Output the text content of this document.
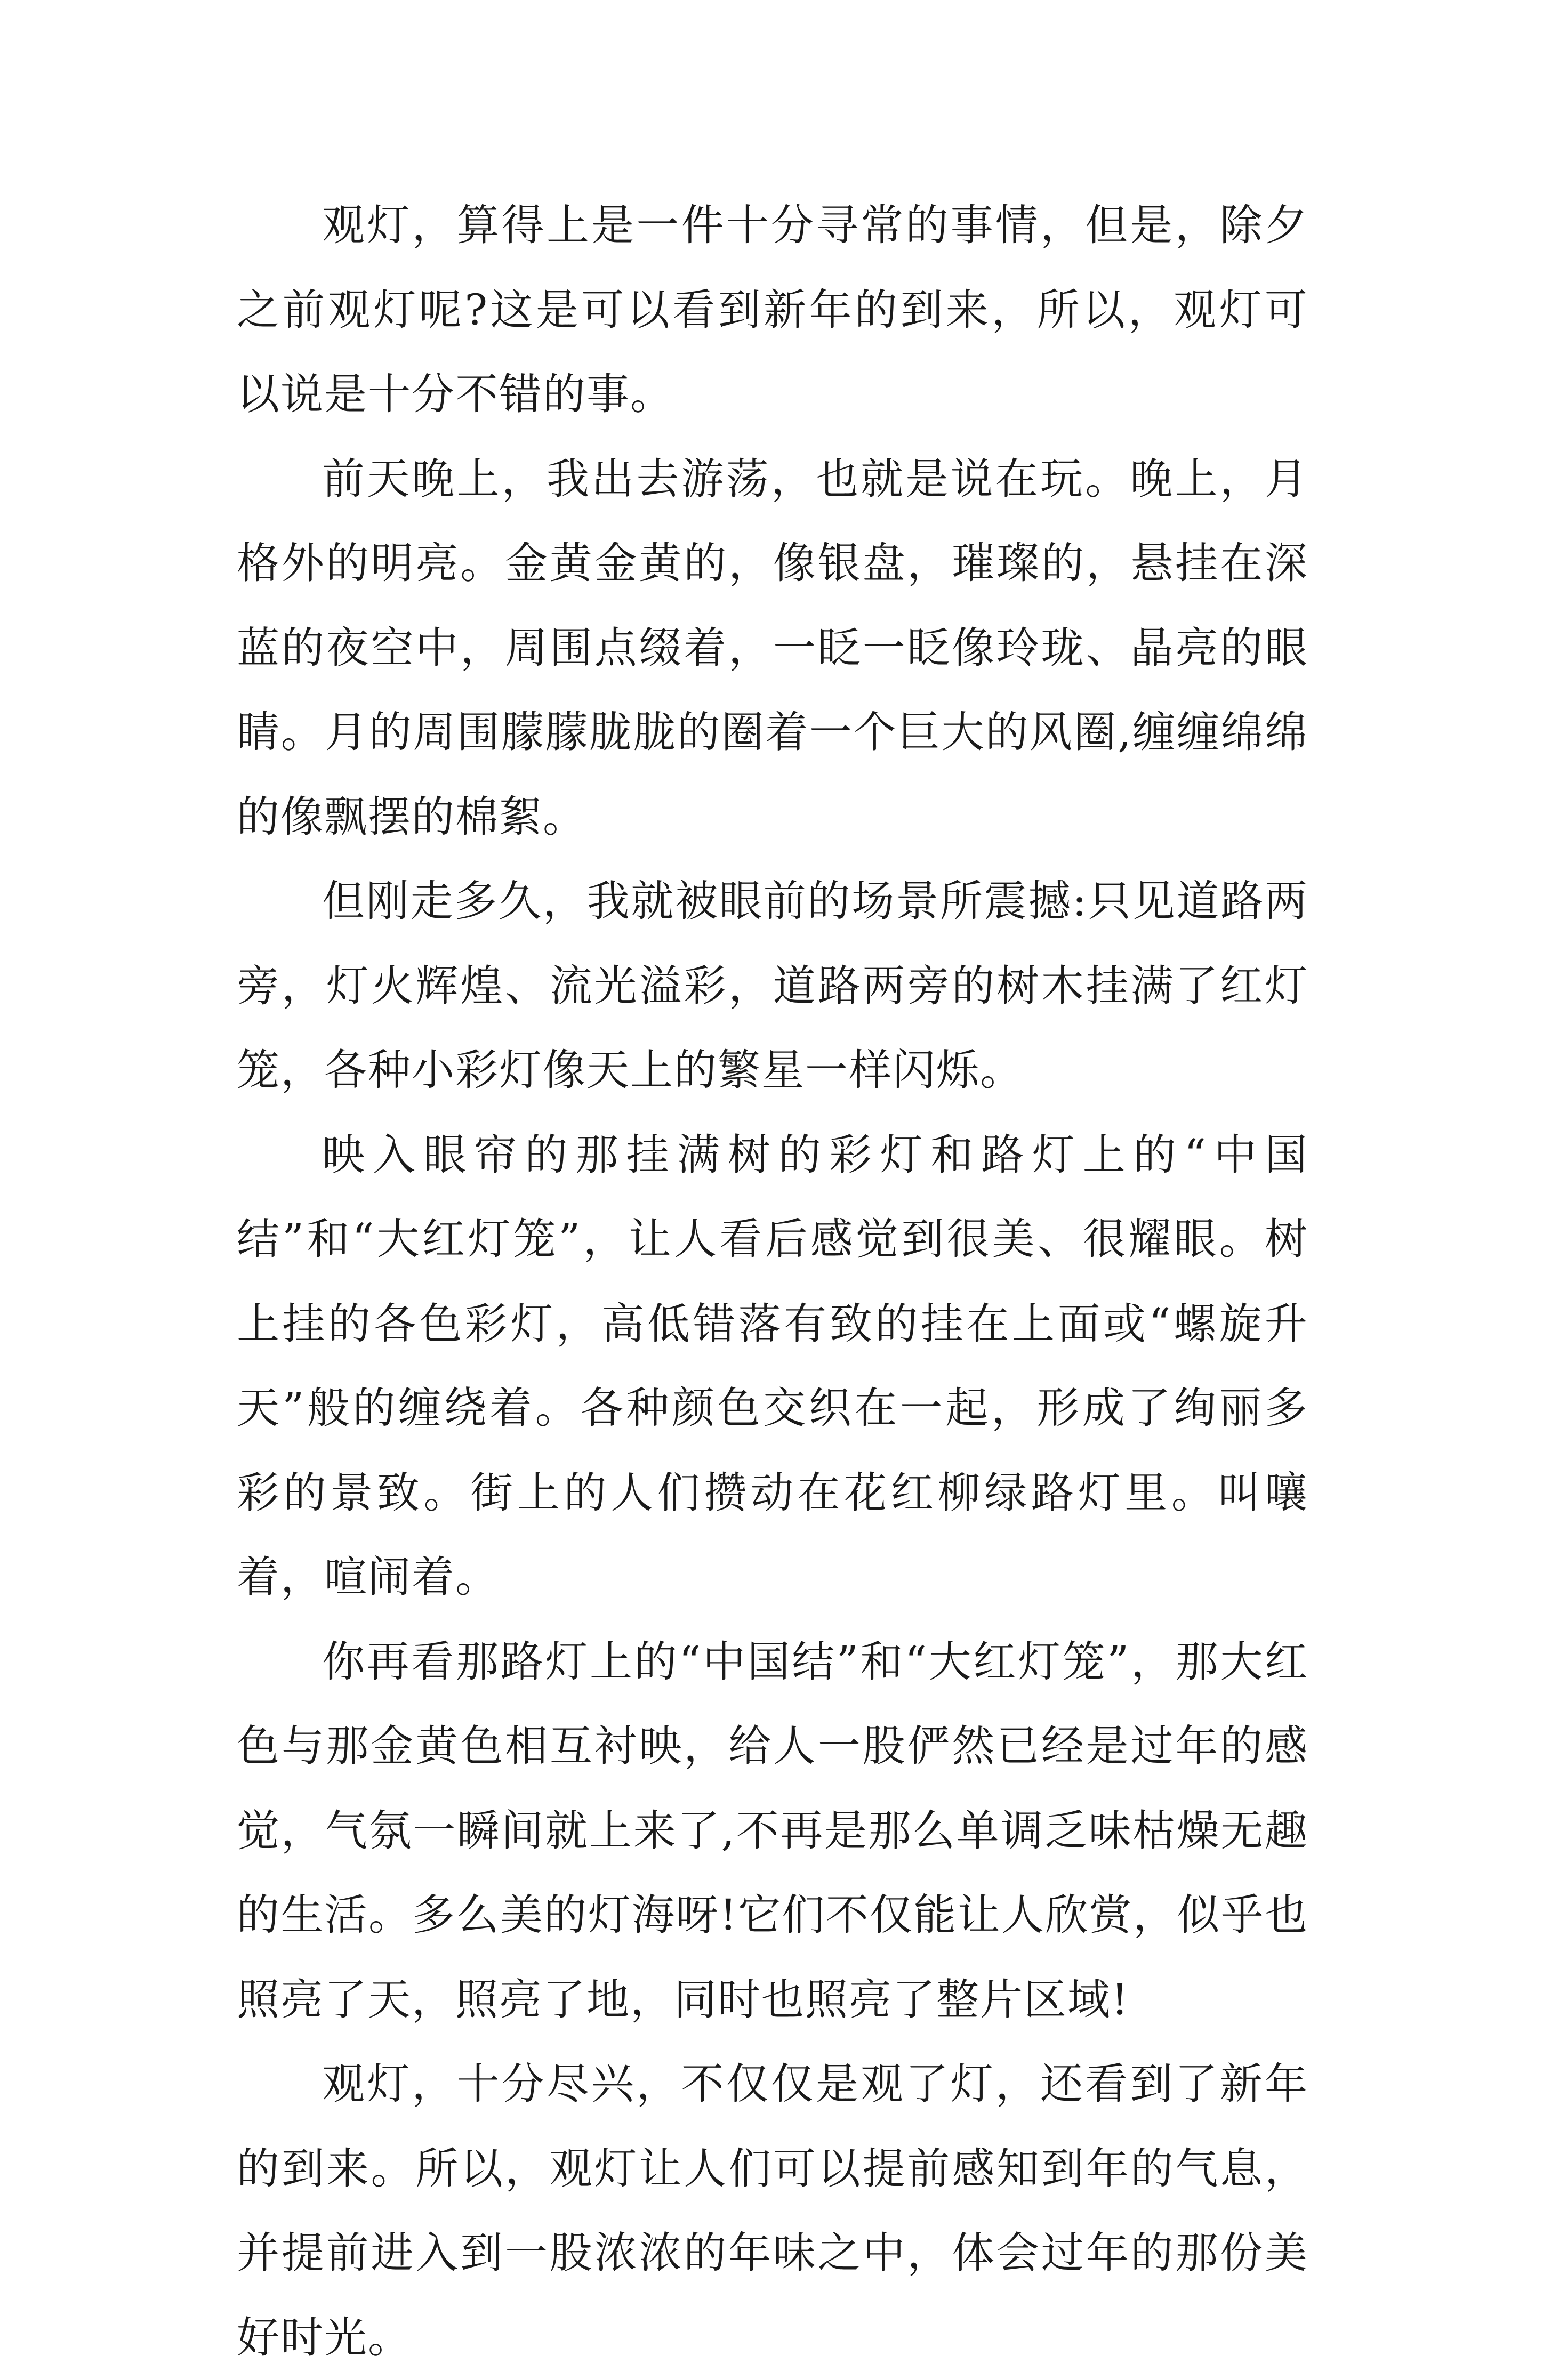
观灯，算得上是一件十分寻常的事情，但是，除夕之前观灯呢?这是可以看到新年的到来，所以，观灯可以说是十分不错的事。

前天晚上，我出去游荡，也就是说在玩。晚上，月格外的明亮。金黄金黄的，像银盘，璀璨的，悬挂在深蓝的夜空中，周围点缀着，一眨一眨像玲珑、晶亮的眼睛。月的周围朦朦胧胧的圈着一个巨大的风圈,缠缠绵绵的像飘摆的棉絮。

但刚走多久，我就被眼前的场景所震撼:只见道路两旁，灯火辉煌、流光溢彩，道路两旁的树木挂满了红灯笼，各种小彩灯像天上的繁星一样闪烁。

映入眼帘的那挂满树的彩灯和路灯上的“中国结”和“大红灯笼”，让人看后感觉到很美、很耀眼。树上挂的各色彩灯，高低错落有致的挂在上面或“螺旋升天”般的缠绕着。各种颜色交织在一起，形成了绚丽多彩的景致。街上的人们攒动在花红柳绿路灯里。叫嚷着，喧闹着。

你再看那路灯上的“中国结”和“大红灯笼”，那大红色与那金黄色相互衬映，给人一股俨然已经是过年的感觉，气氛一瞬间就上来了,不再是那么单调乏味枯燥无趣的生活。多么美的灯海呀!它们不仅能让人欣赏，似乎也照亮了天，照亮了地，同时也照亮了整片区域!

观灯，十分尽兴，不仅仅是观了灯，还看到了新年的到来。所以，观灯让人们可以提前感知到年的气息，并提前进入到一股浓浓的年味之中，体会过年的那份美好时光。
